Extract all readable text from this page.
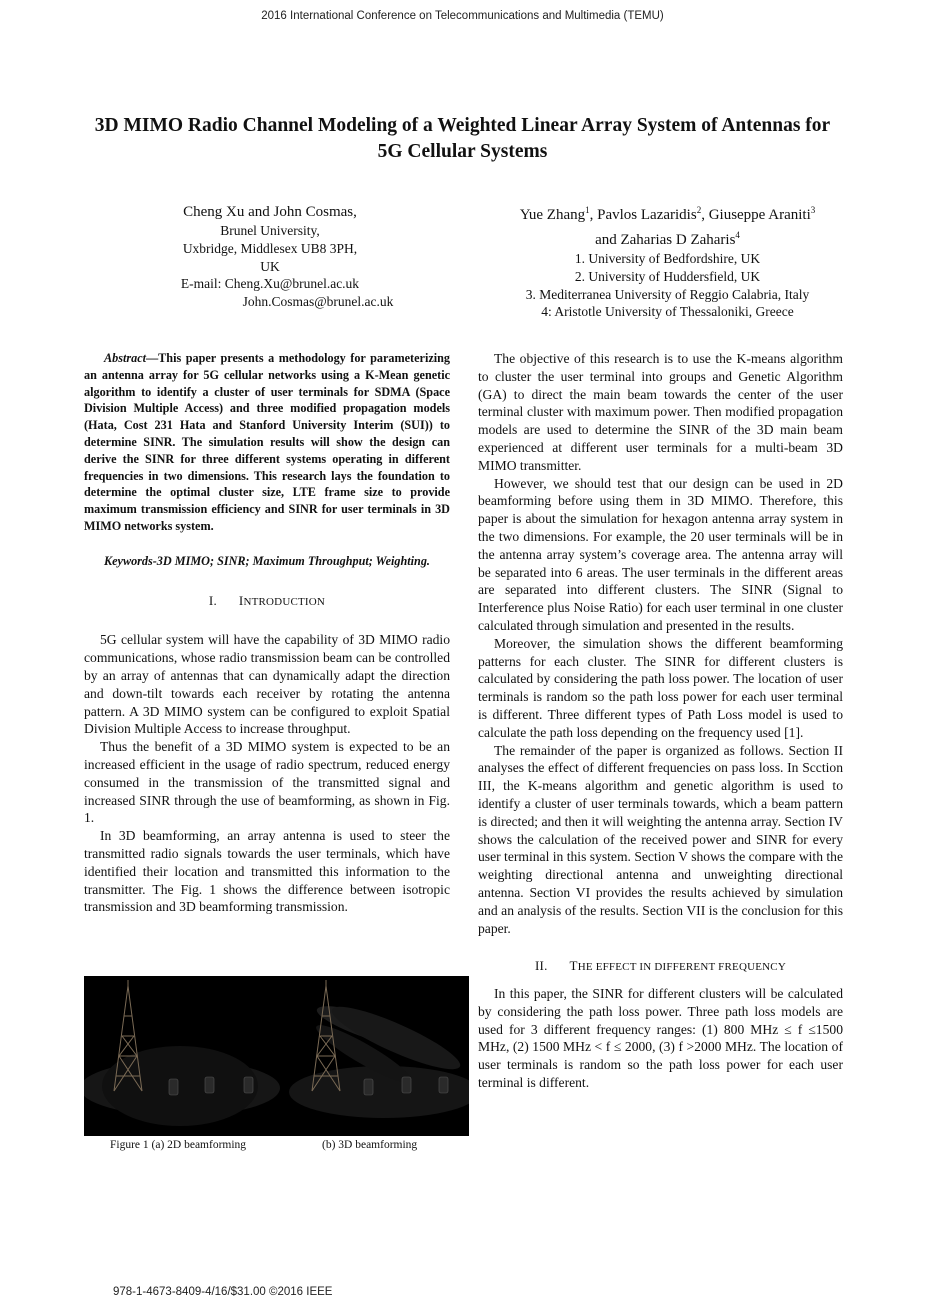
2016 International Conference on Telecommunications and Multimedia (TEMU)
3D MIMO Radio Channel Modeling of a Weighted Linear Array System of Antennas for 5G Cellular Systems
Cheng Xu and John Cosmas,
Brunel University,
Uxbridge, Middlesex UB8 3PH,
UK
E-mail: Cheng.Xu@brunel.ac.uk
John.Cosmas@brunel.ac.uk
Yue Zhang$^1$, Pavlos Lazaridis$^2$, Giuseppe Araniti$^3$
and Zaharias D Zaharis$^4$
1. University of Bedfordshire, UK
2. University of Huddersfield, UK
3. Mediterranea University of Reggio Calabria, Italy
4: Aristotle University of Thessaloniki, Greece

Abstract—This paper presents a methodology for parameterizing an antenna array for 5G cellular networks using a K-Mean genetic algorithm to identify a cluster of user terminals for SDMA (Space Division Multiple Access) and three modified propagation models (Hata, Cost 231 Hata and Stanford University Interim (SUI)) to determine SINR. The simulation results will show the design can derive the SINR for three different systems operating in different frequencies in two dimensions. This research lays the foundation to determine the optimal cluster size, LTE frame size to provide maximum transmission efficiency and SINR for user terminals in 3D MIMO networks system.

Keywords-3D MIMO; SINR; Maximum Throughput; Weighting.

I. INTRODUCTION

5G cellular system will have the capability of 3D MIMO radio communications, whose radio transmission beam can be controlled by an array of antennas that can dynamically adapt the direction and down-tilt towards each receiver by rotating the antenna pattern. A 3D MIMO system can be configured to exploit Spatial Division Multiple Access to increase throughput.

Thus the benefit of a 3D MIMO system is expected to be an increased efficient in the usage of radio spectrum, reduced energy consumed in the transmission of the transmitted signal and increased SINR through the use of beamforming, as shown in Fig. 1.

In 3D beamforming, an array antenna is used to steer the transmitted radio signals towards the user terminals, which have identified their location and transmitted this information to the transmitter. The Fig. 1 shows the difference between isotropic transmission and 3D beamforming transmission.

Figure 1 (a) 2D beamforming	(b) 3D beamforming

The objective of this research is to use the K-means algorithm to cluster the user terminal into groups and Genetic Algorithm (GA) to direct the main beam towards the center of the user terminal cluster with maximum power. Then modified propagation models are used to determine the SINR of the 3D main beam experienced at different user terminals for a multi-beam 3D MIMO transmitter.

However, we should test that our design can be used in 2D beamforming before using them in 3D MIMO. Therefore, this paper is about the simulation for hexagon antenna array system in the two dimensions. For example, the 20 user terminals will be in the antenna array system’s coverage area. The antenna array will be separated into 6 areas. The user terminals in the different areas are separated into different clusters. The SINR (Signal to Interference plus Noise Ratio) for each user terminal in one cluster calculated through simulation and presented in the results.

Moreover, the simulation shows the different beamforming patterns for each cluster. The SINR for different clusters is calculated by considering the path loss power. The location of user terminals is random so the path loss power for each user terminal is different. Three different types of Path Loss model is used to calculate the path loss depending on the frequency used [1].

The remainder of the paper is organized as follows. Section II analyses the effect of different frequencies on pass loss. In Scction III, the K-means algorithm and genetic algorithm is used to identify a cluster of user terminals towards, which a beam pattern is directed; and then it will weighting the antenna array. Section IV shows the calculation of the received power and SINR for every user terminal in this system. Section V shows the compare with the weighting directional antenna and unweighting directional antenna. Section VI provides the results achieved by simulation and an analysis of the results. Section VII is the conclusion for this paper.

II. THE EFFECT IN DIFFERENT FREQUENCY

In this paper, the SINR for different clusters will be calculated by considering the path loss power. Three path loss models are used for 3 different frequency ranges: (1) 800 MHz ≤ f ≤1500 MHz, (2) 1500 MHz < f ≤ 2000, (3) f >2000 MHz. The location of user terminals is random so the path loss power for each user terminal is different.

978-1-4673-8409-4/16/$31.00 ©2016 IEEE
